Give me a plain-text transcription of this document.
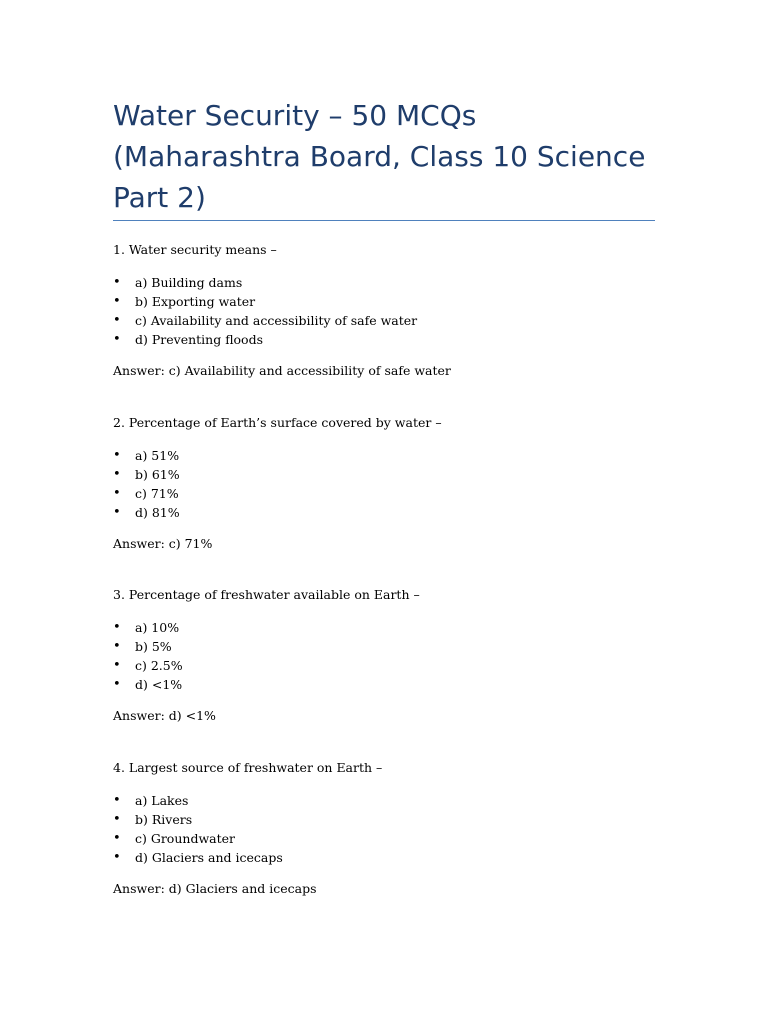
Water Security – 50 MCQs (Maharashtra Board, Class 10 Science Part 2)

1. Water security means –

• a) Building dams
• b) Exporting water
• c) Availability and accessibility of safe water
• d) Preventing floods

Answer: c) Availability and accessibility of safe water

2. Percentage of Earth’s surface covered by water –

• a) 51%
• b) 61%
• c) 71%
• d) 81%

Answer: c) 71%

3. Percentage of freshwater available on Earth –

• a) 10%
• b) 5%
• c) 2.5%
• d) <1%

Answer: d) <1%

4. Largest source of freshwater on Earth –

• a) Lakes
• b) Rivers
• c) Groundwater
• d) Glaciers and icecaps

Answer: d) Glaciers and icecaps
